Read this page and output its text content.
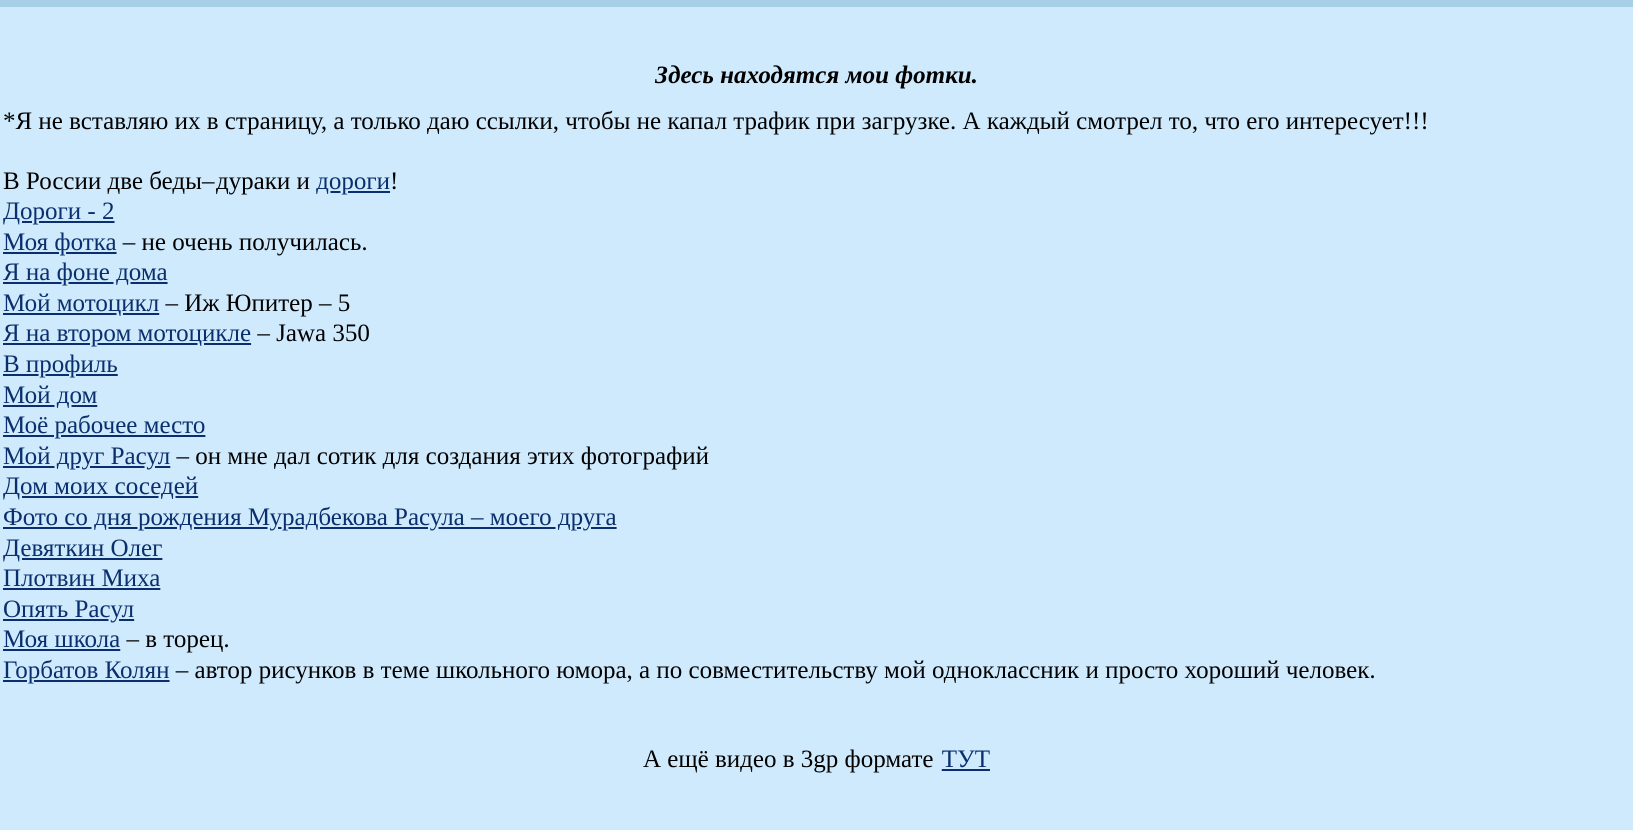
Здесь находятся мои фотки.
*Я не вставляю их в страницу, а только даю ссылки, чтобы не капал трафик при загрузке. А каждый смотрел то, что его интересует!!!
В России две беды–дураки и дороги!
Дороги - 2
Моя фотка – не очень получилась.
Я на фоне дома
Мой мотоцикл – Иж Юпитер – 5
Я на втором мотоцикле – Jawa 350
В профиль
Мой дом
Моё рабочее место
Мой друг Расул – он мне дал сотик для создания этих фотографий
Дом моих соседей
Фото со дня рождения Мурадбекова Расула – моего друга
Девяткин Олег
Плотвин Миха
Опять Расул
Моя школа – в торец.
Горбатов Колян – автор рисунков в теме школьного юмора, а по совместительству мой одноклассник и просто хороший человек.
А ещё видео в 3gp формате ТУТ
